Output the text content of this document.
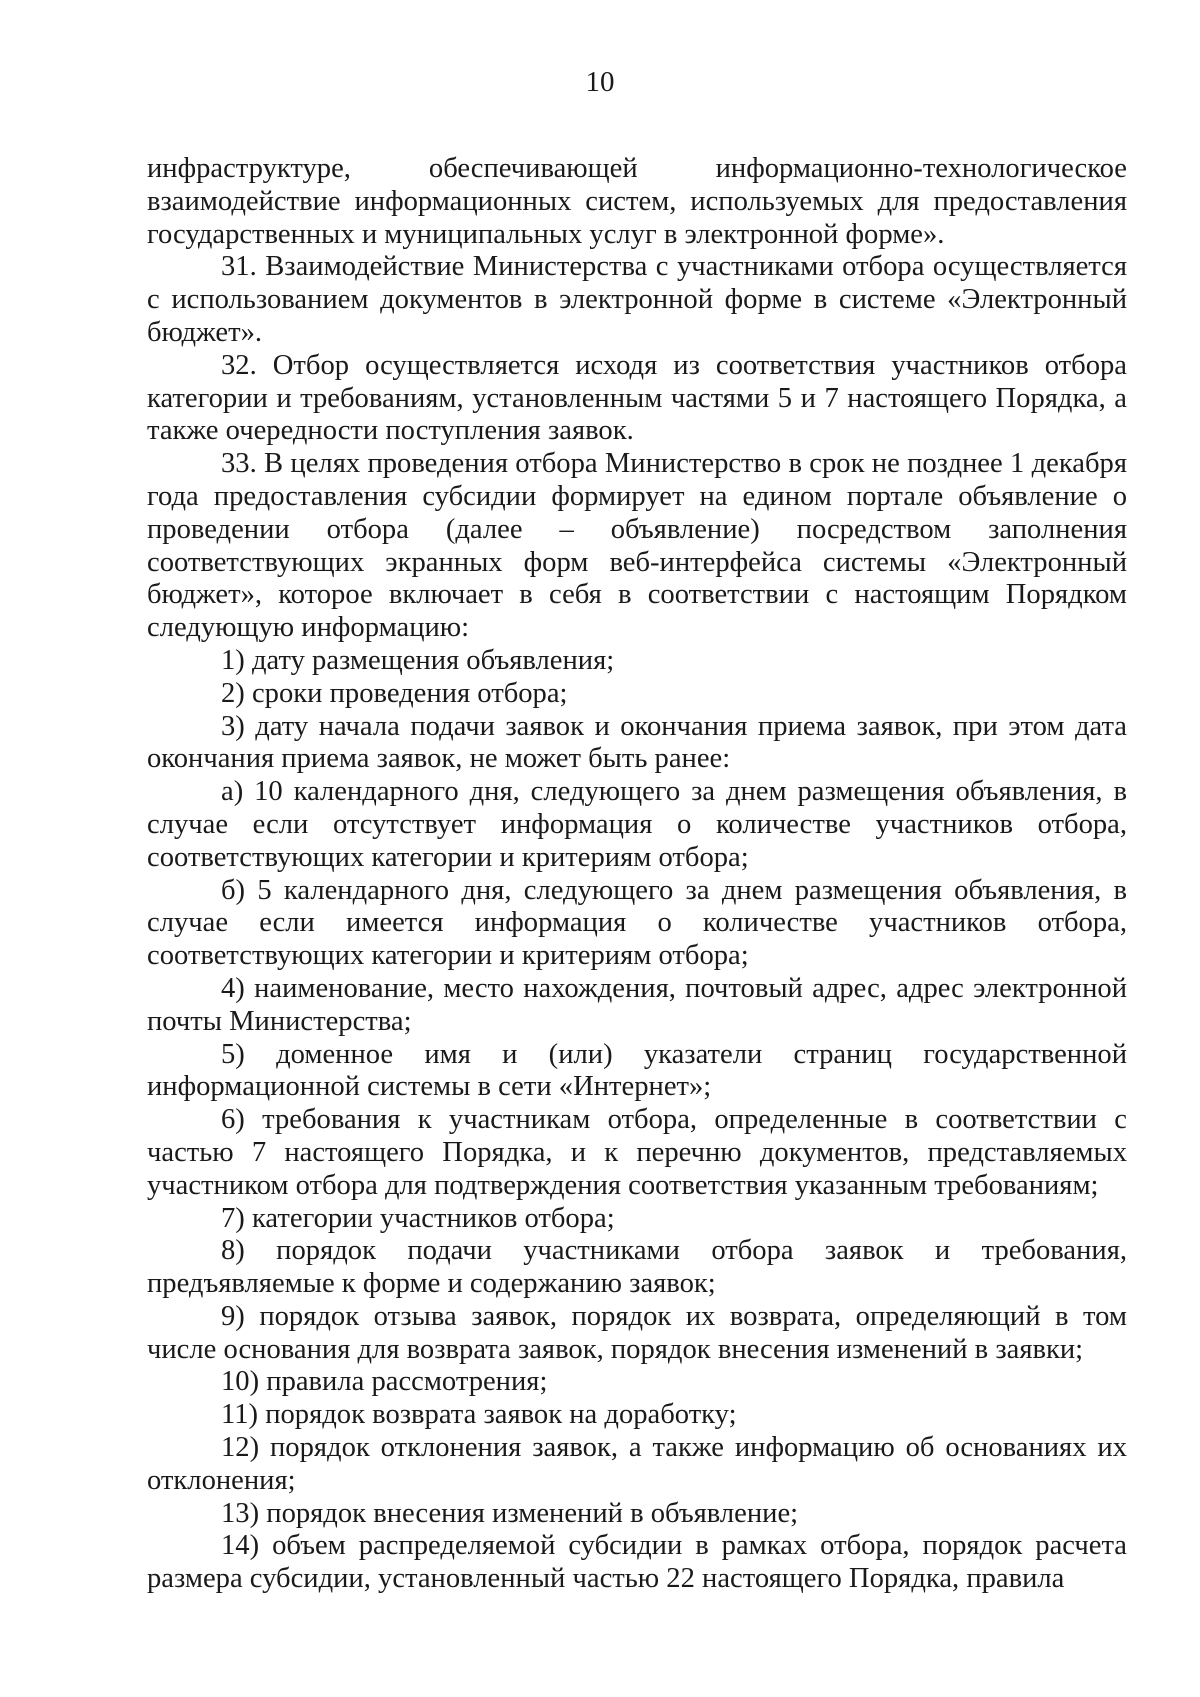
10

инфраструктуре, обеспечивающей информационно-технологическое взаимодействие информационных систем, используемых для предоставления государственных и муниципальных услуг в электронной форме».

31. Взаимодействие Министерства с участниками отбора осуществляется с использованием документов в электронной форме в системе «Электронный бюджет».

32. Отбор осуществляется исходя из соответствия участников отбора категории и требованиям, установленным частями 5 и 7 настоящего Порядка, а также очередности поступления заявок.

33. В целях проведения отбора Министерство в срок не позднее 1 декабря года предоставления субсидии формирует на едином портале объявление о проведении отбора (далее – объявление) посредством заполнения соответствующих экранных форм веб-интерфейса системы «Электронный бюджет», которое включает в себя в соответствии с настоящим Порядком следующую информацию:

1) дату размещения объявления;

2) сроки проведения отбора;

3) дату начала подачи заявок и окончания приема заявок, при этом дата окончания приема заявок, не может быть ранее:

а) 10 календарного дня, следующего за днем размещения объявления, в случае если отсутствует информация о количестве участников отбора, соответствующих категории и критериям отбора;

б) 5 календарного дня, следующего за днем размещения объявления, в случае если имеется информация о количестве участников отбора, соответствующих категории и критериям отбора;

4) наименование, место нахождения, почтовый адрес, адрес электронной почты Министерства;

5) доменное имя и (или) указатели страниц государственной информационной системы в сети «Интернет»;

6) требования к участникам отбора, определенные в соответствии с частью 7 настоящего Порядка, и к перечню документов, представляемых участником отбора для подтверждения соответствия указанным требованиям;

7) категории участников отбора;

8) порядок подачи участниками отбора заявок и требования, предъявляемые к форме и содержанию заявок;

9) порядок отзыва заявок, порядок их возврата, определяющий в том числе основания для возврата заявок, порядок внесения изменений в заявки;

10) правила рассмотрения;

11) порядок возврата заявок на доработку;

12) порядок отклонения заявок, а также информацию об основаниях их отклонения;

13) порядок внесения изменений в объявление;

14) объем распределяемой субсидии в рамках отбора, порядок расчета размера субсидии, установленный частью 22 настоящего Порядка, правила
